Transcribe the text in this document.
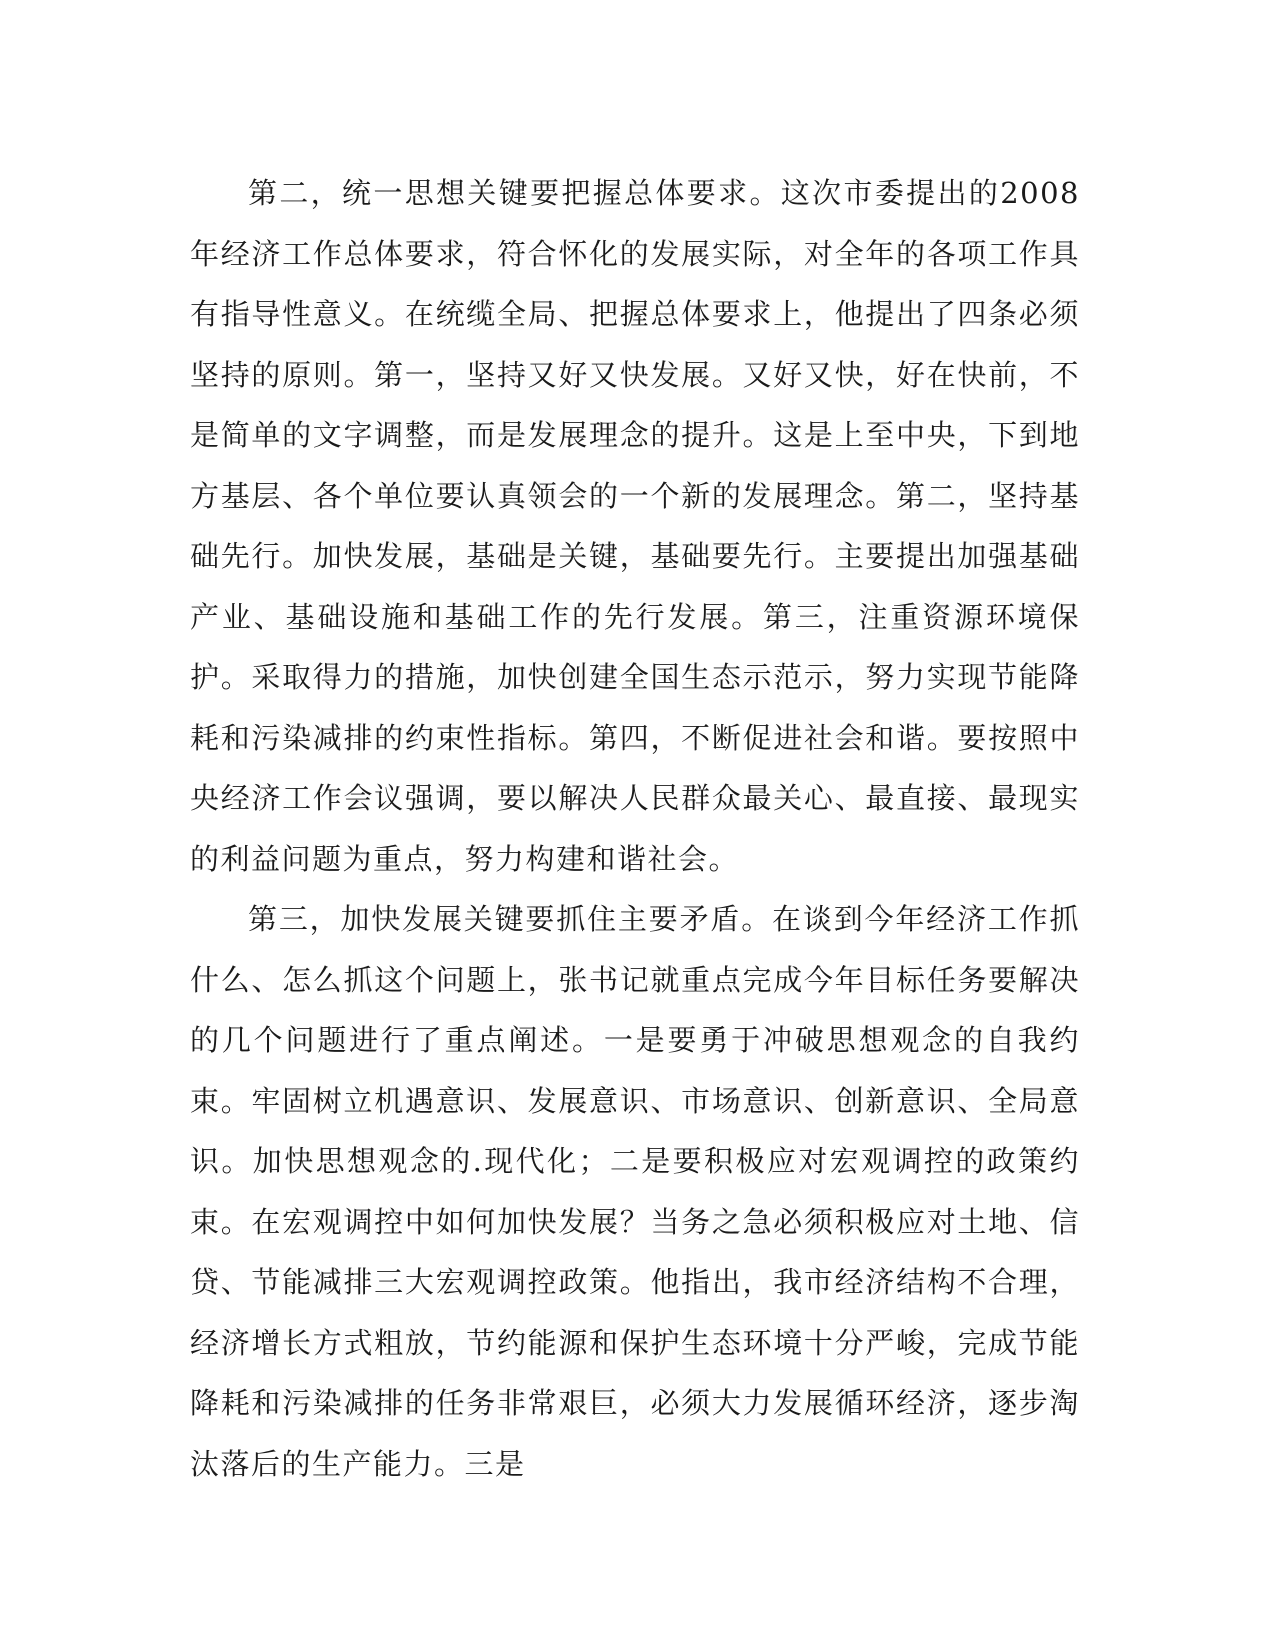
第二，统一思想关键要把握总体要求。这次市委提出的2008年经济工作总体要求，符合怀化的发展实际，对全年的各项工作具有指导性意义。在统缆全局、把握总体要求上，他提出了四条必须坚持的原则。第一，坚持又好又快发展。又好又快，好在快前，不是简单的文字调整，而是发展理念的提升。这是上至中央，下到地方基层、各个单位要认真领会的一个新的发展理念。第二，坚持基础先行。加快发展，基础是关键，基础要先行。主要提出加强基础产业、基础设施和基础工作的先行发展。第三，注重资源环境保护。采取得力的措施，加快创建全国生态示范示，努力实现节能降耗和污染减排的约束性指标。第四，不断促进社会和谐。要按照中央经济工作会议强调，要以解决人民群众最关心、最直接、最现实的利益问题为重点，努力构建和谐社会。

第三，加快发展关键要抓住主要矛盾。在谈到今年经济工作抓什么、怎么抓这个问题上，张书记就重点完成今年目标任务要解决的几个问题进行了重点阐述。一是要勇于冲破思想观念的自我约束。牢固树立机遇意识、发展意识、市场意识、创新意识、全局意识。加快思想观念的.现代化；二是要积极应对宏观调控的政策约束。在宏观调控中如何加快发展？当务之急必须积极应对土地、信贷、节能减排三大宏观调控政策。他指出，我市经济结构不合理，经济增长方式粗放，节约能源和保护生态环境十分严峻，完成节能降耗和污染减排的任务非常艰巨，必须大力发展循环经济，逐步淘汰落后的生产能力。三是
